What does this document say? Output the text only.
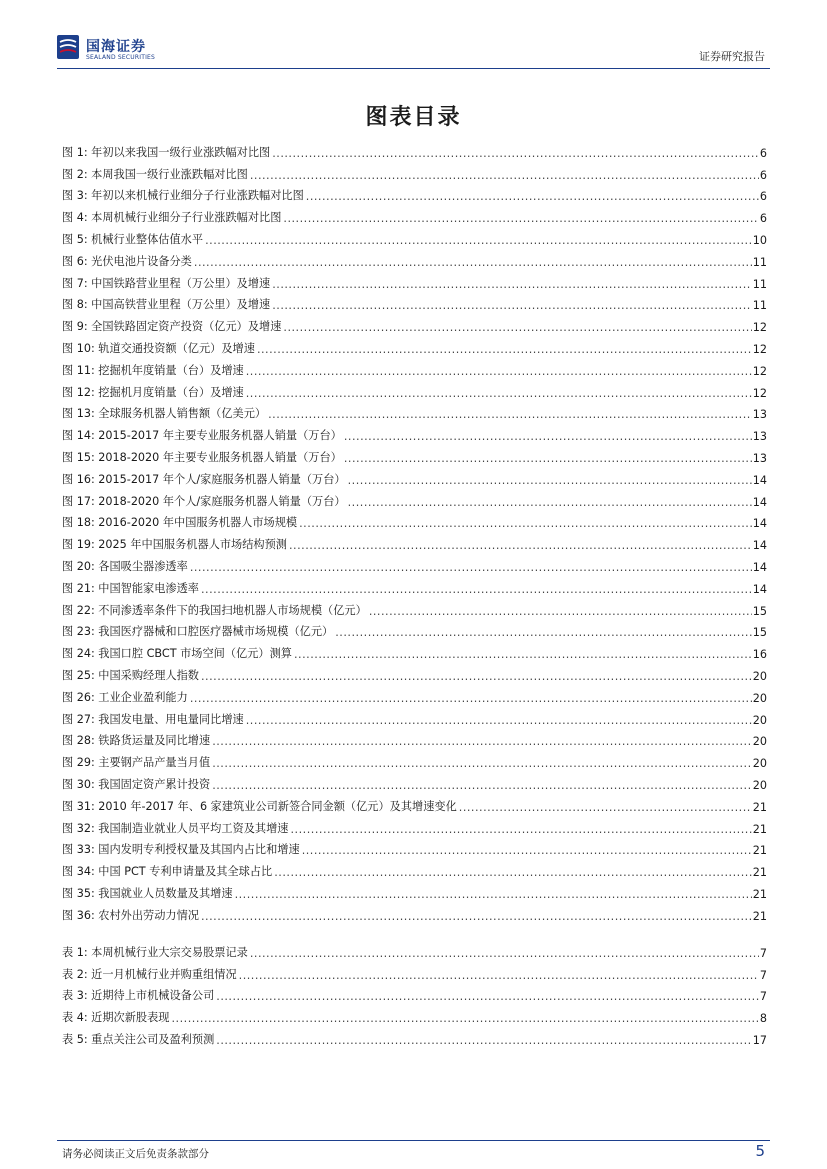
国海证券
SEALAND SECURITIES	证券研究报告
图表目录
图 1: 年初以来我国一级行业涨跌幅对比图 .....	6
图 2: 本周我国一级行业涨跌幅对比图 .....	6
图 3: 年初以来机械行业细分子行业涨跌幅对比图 .....	6
图 4: 本周机械行业细分子行业涨跌幅对比图 .....	6
图 5: 机械行业整体估值水平 .....	10
图 6: 光伏电池片设备分类 .....	11
图 7: 中国铁路营业里程（万公里）及增速 .....	11
图 8: 中国高铁营业里程（万公里）及增速 .....	11
图 9: 全国铁路固定资产投资（亿元）及增速 .....	12
图 10: 轨道交通投资额（亿元）及增速 .....	12
图 11: 挖掘机年度销量（台）及增速 .....	12
图 12: 挖掘机月度销量（台）及增速 .....	12
图 13: 全球服务机器人销售额（亿美元） .....	13
图 14: 2015-2017 年主要专业服务机器人销量（万台） .....	13
图 15: 2018-2020 年主要专业服务机器人销量（万台） .....	13
图 16: 2015-2017 年个人/家庭服务机器人销量（万台） .....	14
图 17: 2018-2020 年个人/家庭服务机器人销量（万台） .....	14
图 18: 2016-2020 年中国服务机器人市场规模 .....	14
图 19: 2025 年中国服务机器人市场结构预测 .....	14
图 20: 各国吸尘器渗透率 .....	14
图 21: 中国智能家电渗透率 .....	14
图 22: 不同渗透率条件下的我国扫地机器人市场规模（亿元） .....	15
图 23: 我国医疗器械和口腔医疗器械市场规模（亿元） .....	15
图 24: 我国口腔 CBCT 市场空间（亿元）测算 .....	16
图 25: 中国采购经理人指数 .....	20
图 26: 工业企业盈利能力 .....	20
图 27: 我国发电量、用电量同比增速 .....	20
图 28: 铁路货运量及同比增速 .....	20
图 29: 主要钢产品产量当月值 .....	20
图 30: 我国固定资产累计投资 .....	20
图 31: 2010 年-2017 年、6 家建筑业公司新签合同金额（亿元）及其增速变化 .....	21
图 32: 我国制造业就业人员平均工资及其增速 .....	21
图 33: 国内发明专利授权量及其国内占比和增速 .....	21
图 34: 中国 PCT 专利申请量及其全球占比 .....	21
图 35: 我国就业人员数量及其增速 .....	21
图 36: 农村外出劳动力情况 .....	21
表 1: 本周机械行业大宗交易股票记录 .....	7
表 2: 近一月机械行业并购重组情况 .....	7
表 3: 近期待上市机械设备公司 .....	7
表 4: 近期次新股表现 .....	8
表 5: 重点关注公司及盈利预测 .....	17
请务必阅读正文后免责条款部分	5
